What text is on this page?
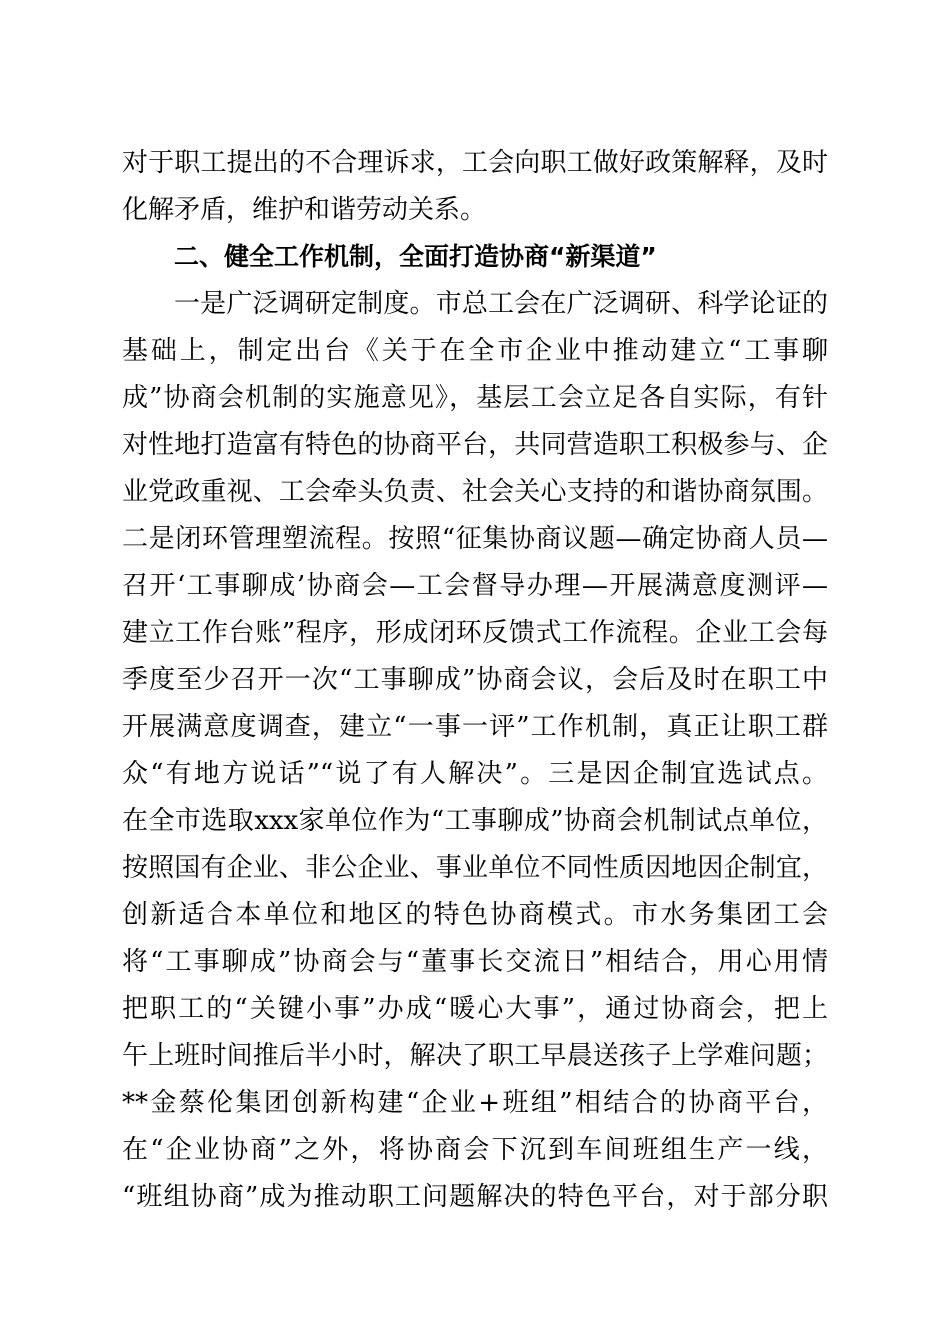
对于职工提出的不合理诉求，工会向职工做好政策解释，及时
化解矛盾，维护和谐劳动关系。
二、健全工作机制，全面打造协商“新渠道”
一是广泛调研定制度。市总工会在广泛调研、科学论证的
基础上，制定出台《关于在全市企业中推动建立“工事聊
成”协商会机制的实施意见》，基层工会立足各自实际，有针
对性地打造富有特色的协商平台，共同营造职工积极参与、企
业党政重视、工会牵头负责、社会关心支持的和谐协商氛围。
二是闭环管理塑流程。按照“征集协商议题—确定协商人员—
召开‘工事聊成’协商会—工会督导办理—开展满意度测评—
建立工作台账”程序，形成闭环反馈式工作流程。企业工会每
季度至少召开一次“工事聊成”协商会议，会后及时在职工中
开展满意度调查，建立“一事一评”工作机制，真正让职工群
众“有地方说话”“说了有人解决”。三是因企制宜选试点。
在全市选取xxx家单位作为“工事聊成”协商会机制试点单位，
按照国有企业、非公企业、事业单位不同性质因地因企制宜，
创新适合本单位和地区的特色协商模式。市水务集团工会
将“工事聊成”协商会与“董事长交流日”相结合，用心用情
把职工的“关键小事”办成“暖心大事”，通过协商会，把上
午上班时间推后半小时，解决了职工早晨送孩子上学难问题；
**金蔡伦集团创新构建“企业+班组”相结合的协商平台，
在“企业协商”之外，将协商会下沉到车间班组生产一线，
“班组协商”成为推动职工问题解决的特色平台，对于部分职
